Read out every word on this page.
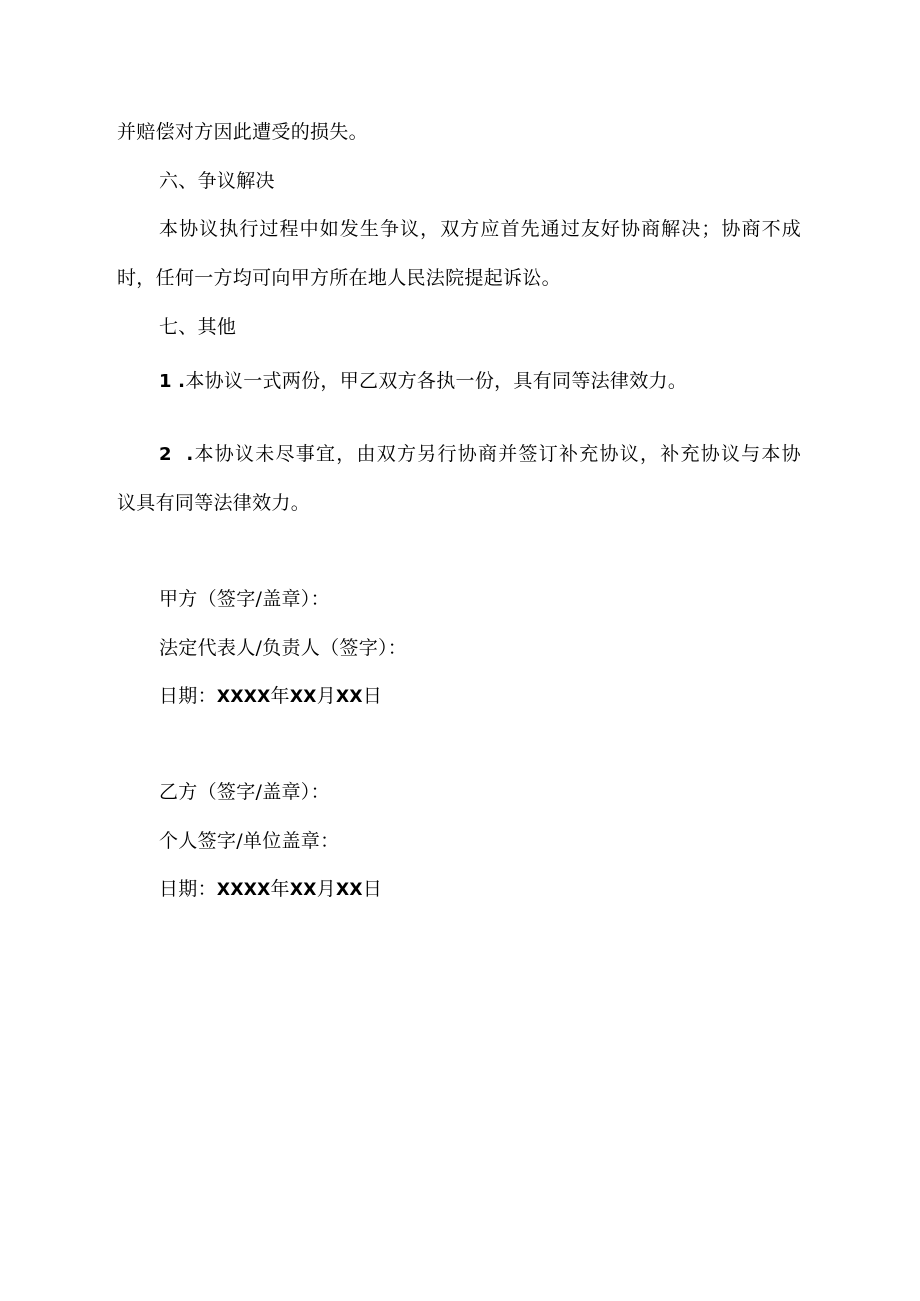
并赔偿对方因此遭受的损失。
六、争议解决
本协议执行过程中如发生争议，双方应首先通过友好协商解决；协商不成
时，任何一方均可向甲方所在地人民法院提起诉讼。
七、其他
1 .本协议一式两份，甲乙双方各执一份，具有同等法律效力。
2 .本协议未尽事宜，由双方另行协商并签订补充协议，补充协议与本协
议具有同等法律效力。
甲方（签字/盖章）：
法定代表人/负责人（签字）：
日期：XXXX年XX月XX日
乙方（签字/盖章）：
个人签字/单位盖章：
日期：XXXX年XX月XX日
